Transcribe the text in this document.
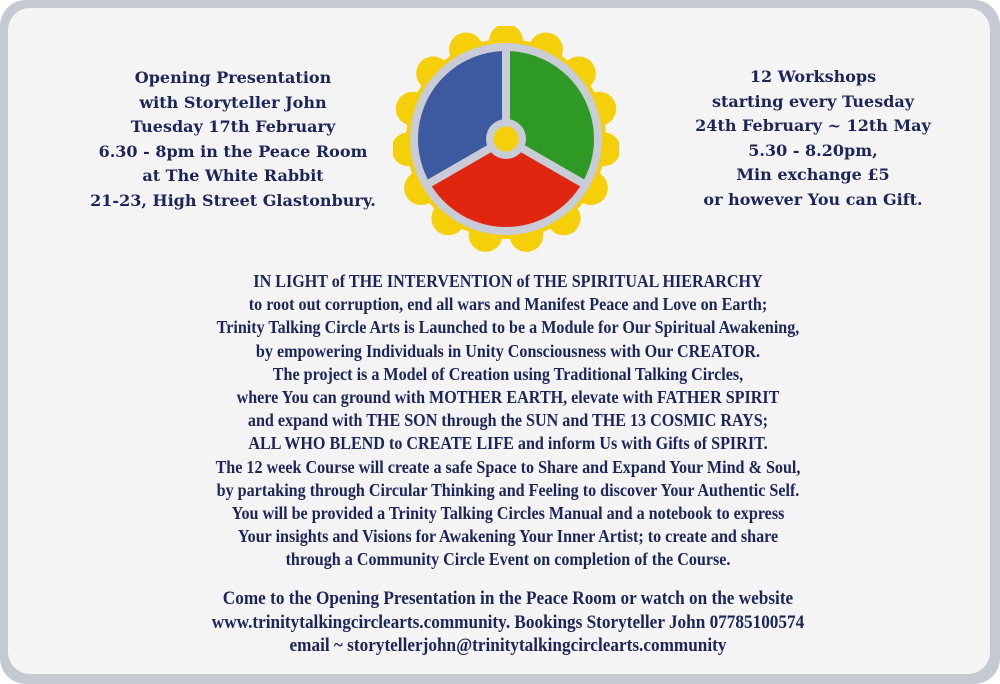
Opening Presentation
with Storyteller John
Tuesday 17th February
6.30 - 8pm in the Peace Room
at The White Rabbit
21-23, High Street Glastonbury.
12 Workshops
starting every Tuesday
24th February ~ 12th May
5.30 - 8.20pm,
Min exchange £5
or however You can Gift.
IN LIGHT of THE INTERVENTION of THE SPIRITUAL HIERARCHY
to root out corruption, end all wars and Manifest Peace and Love on Earth;
Trinity Talking Circle Arts is Launched to be a Module for Our Spiritual Awakening,
by empowering Individuals in Unity Consciousness with Our CREATOR.
The project is a Model of Creation using Traditional Talking Circles,
where You can ground with MOTHER EARTH, elevate with FATHER SPIRIT
and expand with THE SON through the SUN and THE 13 COSMIC RAYS;
ALL WHO BLEND to CREATE LIFE and inform Us with Gifts of SPIRIT.
The 12 week Course will create a safe Space to Share and Expand Your Mind & Soul,
by partaking through Circular Thinking and Feeling to discover Your Authentic Self.
You will be provided a Trinity Talking Circles Manual and a notebook to express
Your insights and Visions for Awakening Your Inner Artist; to create and share
through a Community Circle Event on completion of the Course.
Come to the Opening Presentation in the Peace Room or watch on the website
www.trinitytalkingcirclearts.community. Bookings Storyteller John 07785100574
email ~ storytellerjohn@trinitytalkingcirclearts.community
